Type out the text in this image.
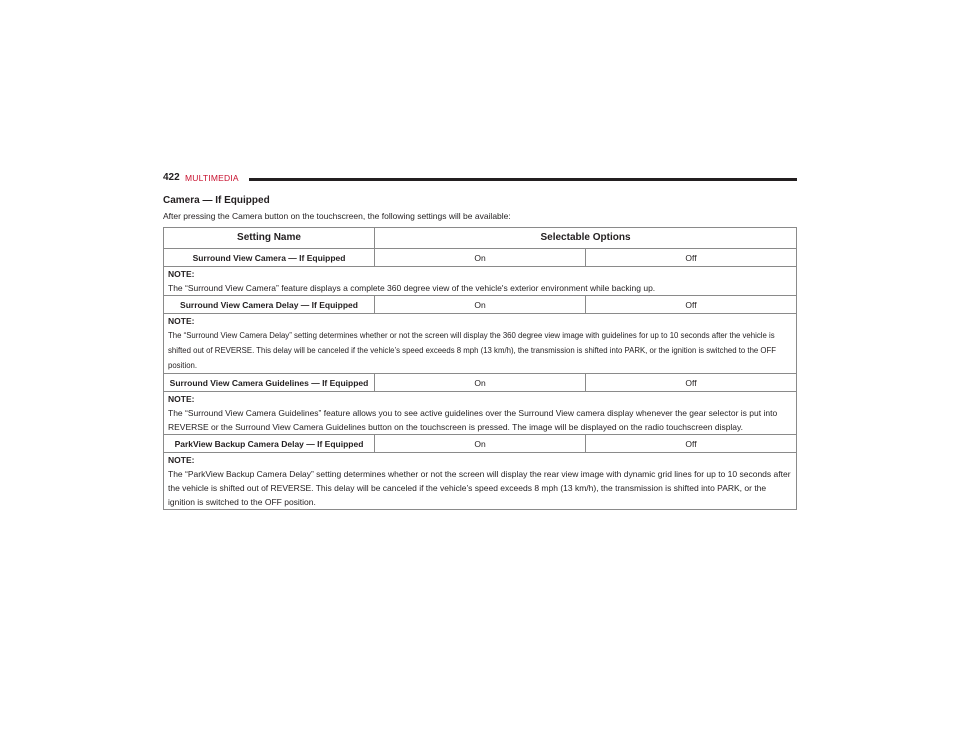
422 MULTIMEDIA
Camera — If Equipped
After pressing the Camera button on the touchscreen, the following settings will be available:
Setting Name	Selectable Options	
Surround View Camera — If Equipped	On	Off

NOTE:
The “Surround View Camera” feature displays a complete 360 degree view of the vehicle's exterior environment while backing up.		
Surround View Camera Delay — If Equipped	On	Off

NOTE:
The “Surround View Camera Delay” setting determines whether or not the screen will display the 360 degree view image with guidelines for up to 10 seconds after the vehicle is shifted out of REVERSE. This delay will be canceled if the vehicle’s speed exceeds 8 mph (13 km/h), the transmission is shifted into PARK, or the ignition is switched to the OFF position.		
Surround View Camera Guidelines — If Equipped	On	Off

NOTE:
The “Surround View Camera Guidelines” feature allows you to see active guidelines over the Surround View camera display whenever the gear selector is put into REVERSE or the Surround View Camera Guidelines button on the touchscreen is pressed. The image will be displayed on the radio touchscreen display.		
ParkView Backup Camera Delay — If Equipped	On	Off

NOTE:
The “ParkView Backup Camera Delay” setting determines whether or not the screen will display the rear view image with dynamic grid lines for up to 10 seconds after the vehicle is shifted out of REVERSE. This delay will be canceled if the vehicle’s speed exceeds 8 mph (13 km/h), the transmission is shifted into PARK, or the ignition is switched to the OFF position.		
